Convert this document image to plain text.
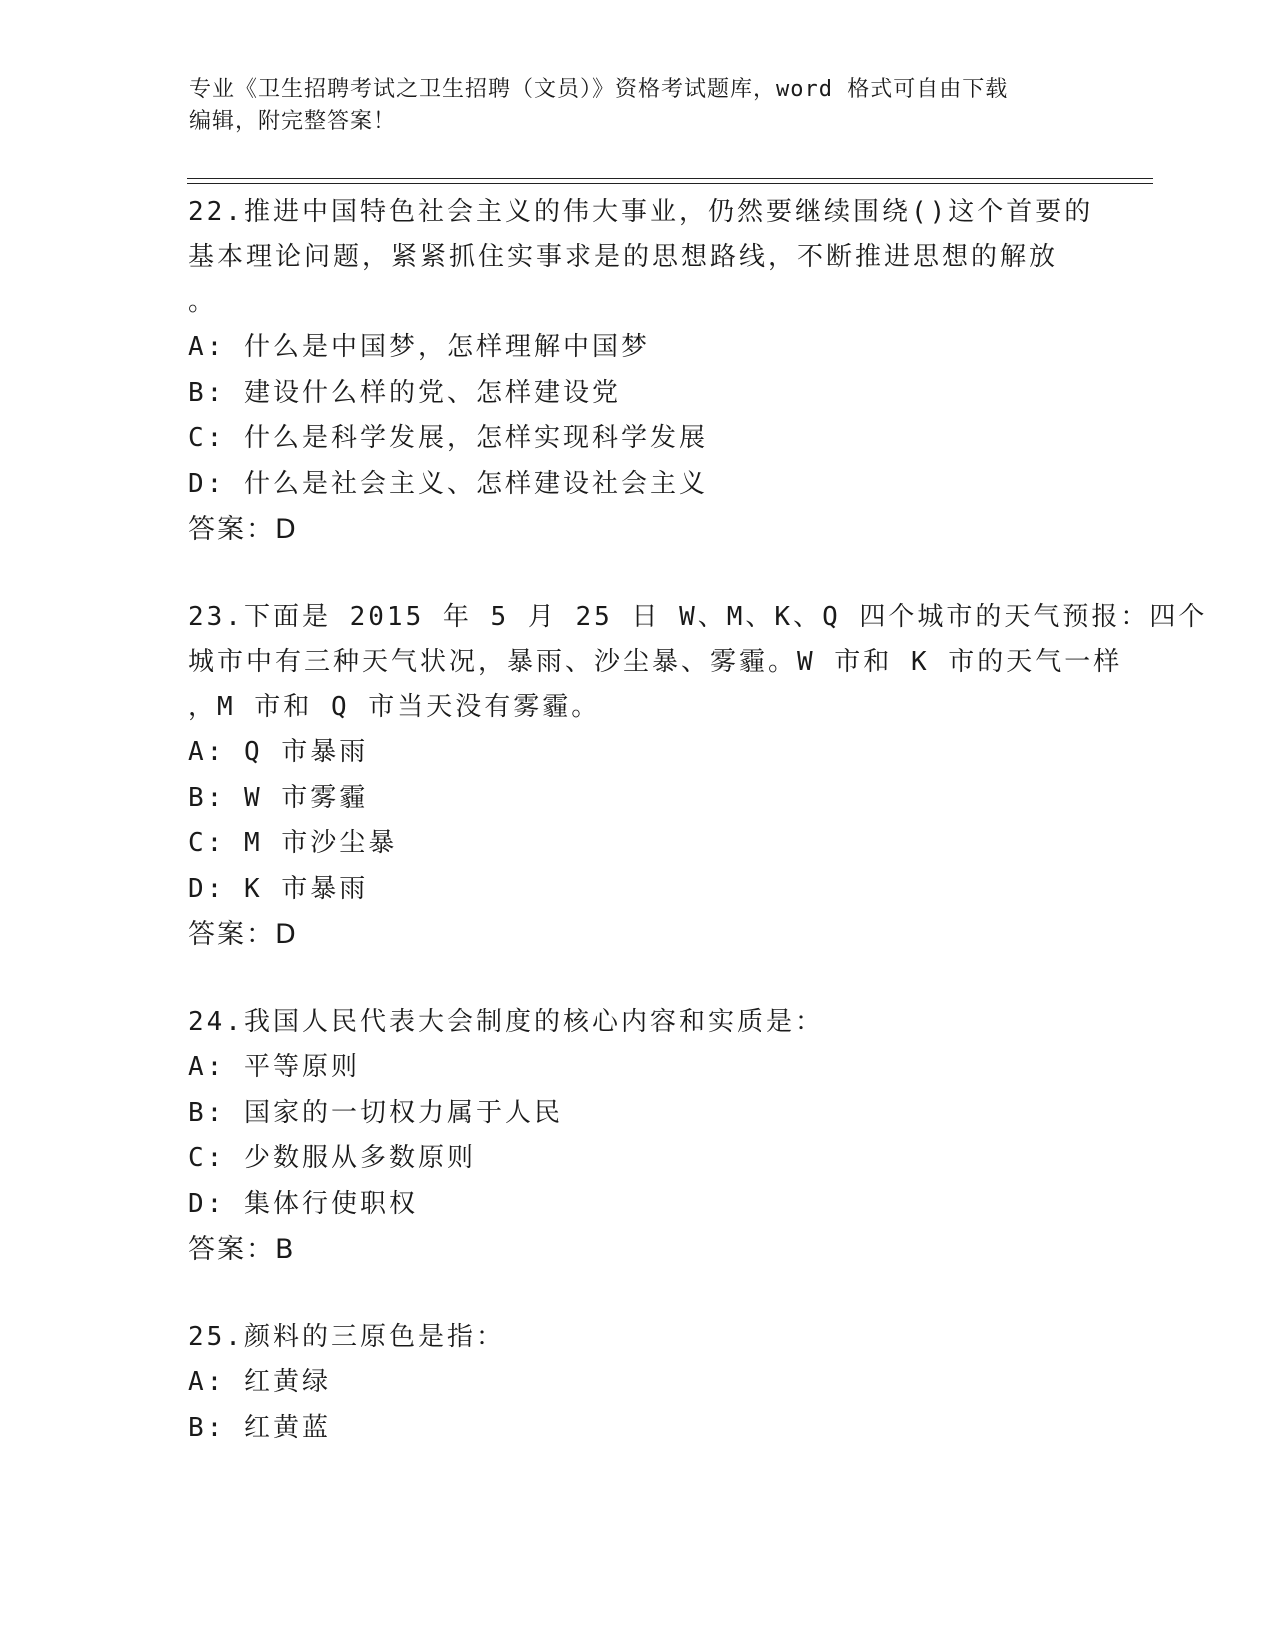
专业《卫生招聘考试之卫生招聘（文员）》资格考试题库，word 格式可自由下载
编辑，附完整答案！
22.推进中国特色社会主义的伟大事业，仍然要继续围绕()这个首要的
基本理论问题，紧紧抓住实事求是的思想路线，不断推进思想的解放
。
A: 什么是中国梦，怎样理解中国梦
B: 建设什么样的党、怎样建设党
C: 什么是科学发展，怎样实现科学发展
D: 什么是社会主义、怎样建设社会主义
答案：D
23.下面是 2015 年 5 月 25 日 W、M、K、Q 四个城市的天气预报：四个
城市中有三种天气状况，暴雨、沙尘暴、雾霾。W 市和 K 市的天气一样
，M 市和 Q 市当天没有雾霾。
A: Q 市暴雨
B: W 市雾霾
C: M 市沙尘暴
D: K 市暴雨
答案：D
24.我国人民代表大会制度的核心内容和实质是：
A: 平等原则
B: 国家的一切权力属于人民
C: 少数服从多数原则
D: 集体行使职权
答案：B
25.颜料的三原色是指：
A: 红黄绿
B: 红黄蓝
